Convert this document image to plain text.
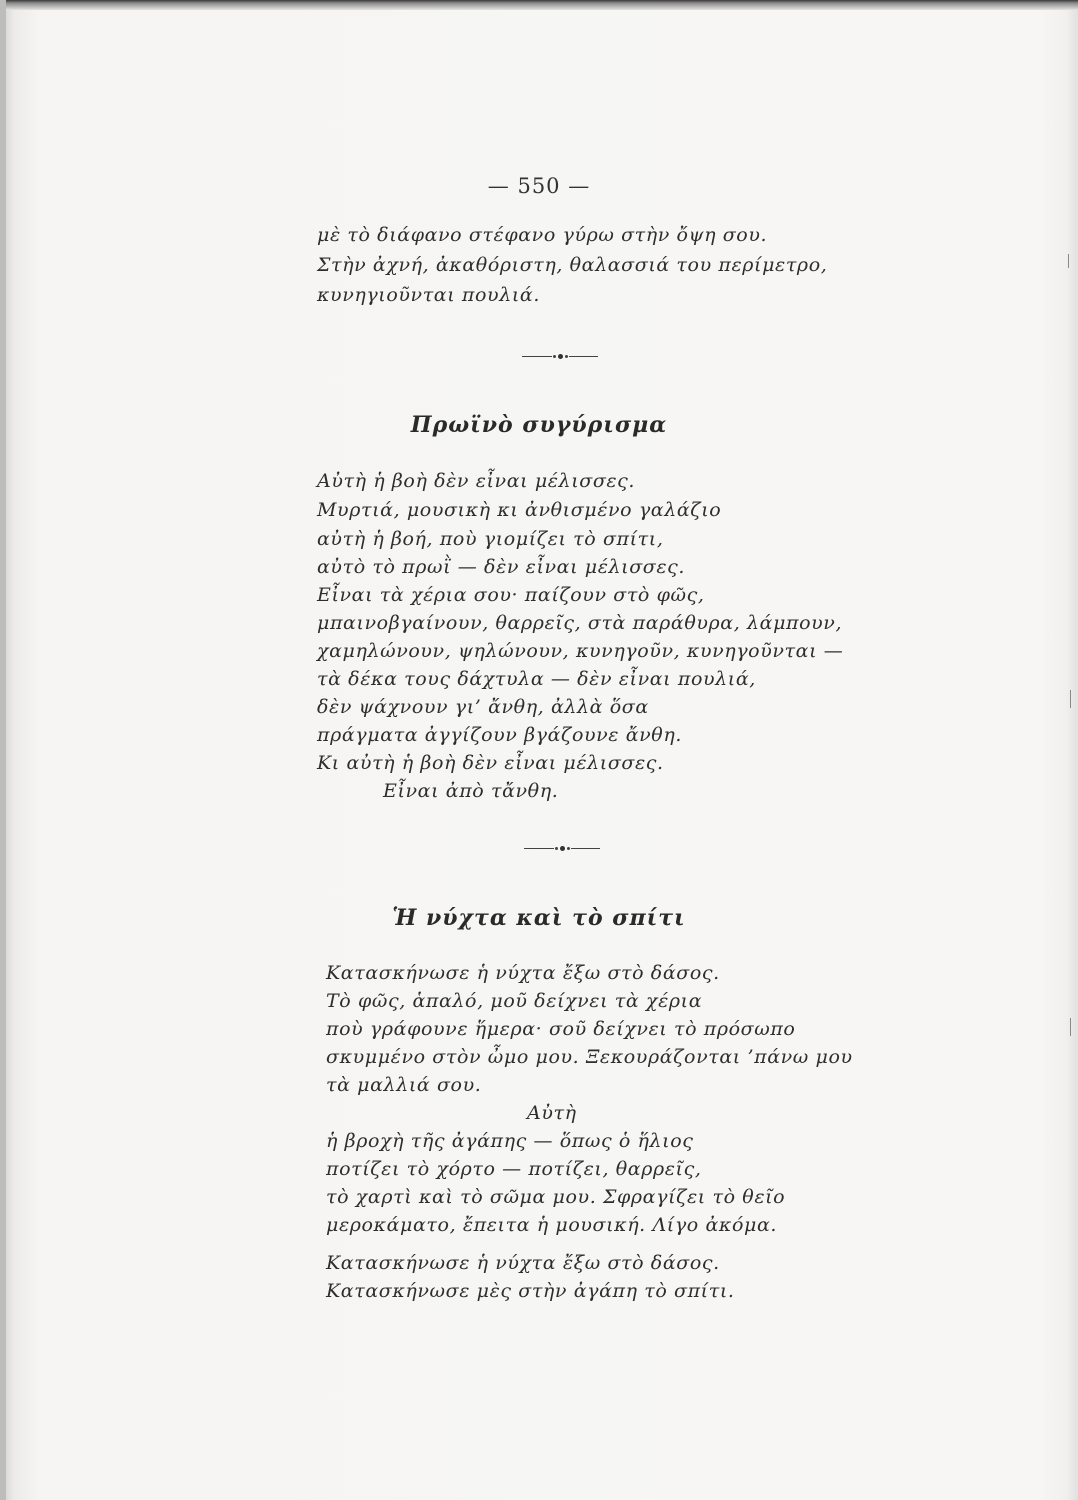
— 550 —
μὲ τὸ διάφανο στέφανο γύρω στὴν ὄψη σου.
Στὴν ἀχνή, ἀκαθόριστη, θαλασσιά του περίμετρο,
κυνηγιοῦνται πουλιά.
Πρωϊνὸ συγύρισμα
Αὐτὴ ἡ βοὴ δὲν εἶναι μέλισσες.
Μυρτιά, μουσικὴ κι ἀνθισμένο γαλάζιο
αὐτὴ ἡ βοή, ποὺ γιομίζει τὸ σπίτι,
αὐτὸ τὸ πρωῒ — δὲν εἶναι μέλισσες.
Εἶναι τὰ χέρια σου· παίζουν στὸ φῶς,
μπαινοβγαίνουν, θαρρεῖς, στὰ παράθυρα, λάμπουν,
χαμηλώνουν, ψηλώνουν, κυνηγοῦν, κυνηγοῦνται —
τὰ δέκα τους δάχτυλα — δὲν εἶναι πουλιά,
δὲν ψάχνουν γι’ ἄνθη, ἀλλὰ ὅσα
πράγματα ἀγγίζουν βγάζουνε ἄνθη.
Κι αὐτὴ ἡ βοὴ δὲν εἶναι μέλισσες.
Εἶναι ἀπὸ τἄνθη.
Ἡ νύχτα καὶ τὸ σπίτι
Κατασκήνωσε ἡ νύχτα ἔξω στὸ δάσος.
Τὸ φῶς, ἁπαλό, μοῦ δείχνει τὰ χέρια
ποὺ γράφουνε ἥμερα· σοῦ δείχνει τὸ πρόσωπο
σκυμμένο στὸν ὦμο μου. Ξεκουράζονται ’πάνω μου
τὰ μαλλιά σου.
Αὐτὴ
ἡ βροχὴ τῆς ἀγάπης — ὅπως ὁ ἥλιος
ποτίζει τὸ χόρτο — ποτίζει, θαρρεῖς,
τὸ χαρτὶ καὶ τὸ σῶμα μου. Σφραγίζει τὸ θεῖο
μεροκάματο, ἔπειτα ἡ μουσική. Λίγο ἀκόμα.
Κατασκήνωσε ἡ νύχτα ἔξω στὸ δάσος.
Κατασκήνωσε μὲς στὴν ἀγάπη τὸ σπίτι.
